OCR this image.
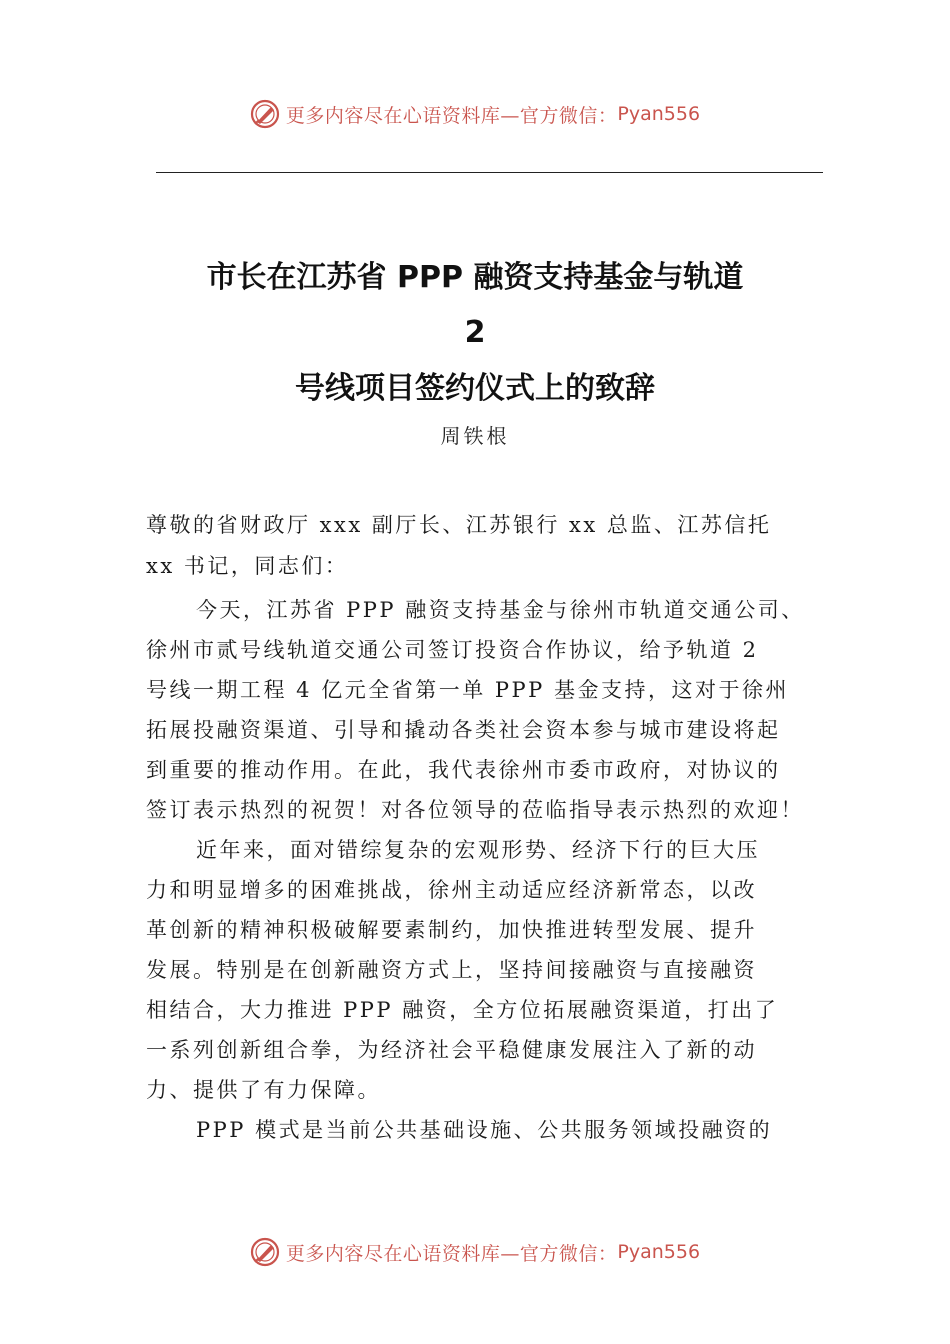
更多内容尽在心语资料库—官方微信： Pyan556
市长在江苏省 PPP 融资支持基金与轨道
2
号线项目签约仪式上的致辞
周铁根
尊敬的省财政厅 xxx 副厅长、江苏银行 xx 总监、江苏信托
xx 书记，同志们：
今天，江苏省 PPP 融资支持基金与徐州市轨道交通公司、
徐州市贰号线轨道交通公司签订投资合作协议，给予轨道 2
号线一期工程 4 亿元全省第一单 PPP 基金支持，这对于徐州
拓展投融资渠道、引导和撬动各类社会资本参与城市建设将起
到重要的推动作用。在此，我代表徐州市委市政府，对协议的
签订表示热烈的祝贺！对各位领导的莅临指导表示热烈的欢迎！
近年来，面对错综复杂的宏观形势、经济下行的巨大压
力和明显增多的困难挑战，徐州主动适应经济新常态，以改
革创新的精神积极破解要素制约，加快推进转型发展、提升
发展。特别是在创新融资方式上，坚持间接融资与直接融资
相结合，大力推进 PPP 融资，全方位拓展融资渠道，打出了
一系列创新组合拳，为经济社会平稳健康发展注入了新的动
力、提供了有力保障。
PPP 模式是当前公共基础设施、公共服务领域投融资的
更多内容尽在心语资料库—官方微信： Pyan556
